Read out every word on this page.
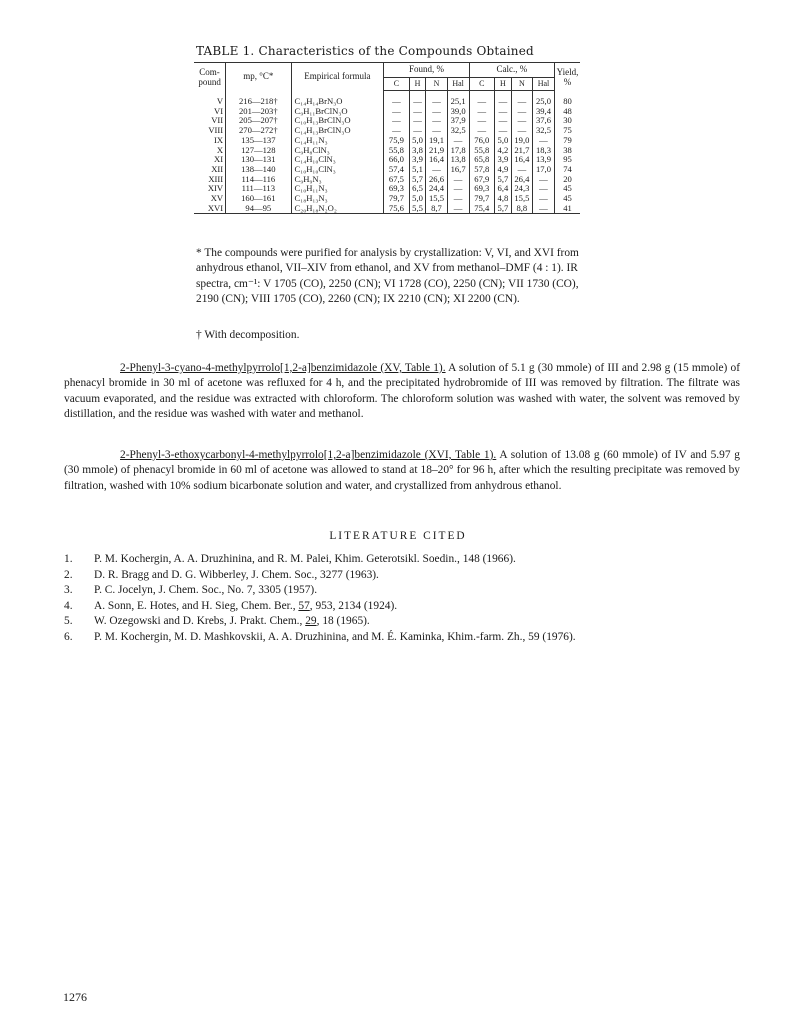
TABLE 1. Characteristics of the Compounds Obtained
Com-pound	mp, °C*	Empirical formula	Found, %				Calc., %				Yield, %
			C	H	N	Hal	C	H	N	Hal	

V	216—218†	C₁₄H₁₄BrN₃O	—	—	—	25,1	—	—	—	25,0	80
VI	201—203†	C₉H₁₁BrClN₃O	—	—	—	39,0	—	—	—	39,4	48
VII	205—207†	C₁₀H₁₃BrClN₃O	—	—	—	37,9	—	—	—	37,6	30
VIII	270—272†	C₁₄H₁₃BrClN₃O	—	—	—	32,5	—	—	—	32,5	75
IX	135—137	C₁₄H₁₁N₃	75,9	5,0	19,1	—	76,0	5,0	19,0	—	79
X	127—128	C₉H₈ClN₃	55,8	3,8	21,9	17,8	55,8	4,2	21,7	18,3	38
XI	130—131	C₁₄H₁₀ClN₃	66,0	3,9	16,4	13,8	65,8	3,9	16,4	13,9	95
XII	138—140	C₁₀H₁₀ClN₃	57,4	5,1	—	16,7	57,8	4,9	—	17,0	74
XIII	114—116	C₉H₉N₃	67,5	5,7	26,6	—	67,9	5,7	26,4	—	20
XIV	111—113	C₁₀H₁₁N₃	69,3	6,5	24,4	—	69,3	6,4	24,3	—	45
XV	160—161	C₁₈H₁₃N₃	79,7	5,0	15,5	—	79,7	4,8	15,5	—	45
XVI	94—95	C₂₀H₁₈N₂O₂	75,6	5,5	8,7	—	75,4	5,7	8,8	—	41
* The compounds were purified for analysis by crystallization: V, VI, and XVI from anhydrous ethanol, VII–XIV from ethanol, and XV from methanol–DMF (4 : 1). IR spectra, cm⁻¹: V 1705 (CO), 2250 (CN); VI 1728 (CO), 2250 (CN); VII 1730 (CO), 2190 (CN); VIII 1705 (CO), 2260 (CN); IX 2210 (CN); XI 2200 (CN).
† With decomposition.
2-Phenyl-3-cyano-4-methylpyrrolo[1,2-a]benzimidazole (XV, Table 1). A solution of 5.1 g (30 mmole) of III and 2.98 g (15 mmole) of phenacyl bromide in 30 ml of acetone was refluxed for 4 h, and the precipitated hydrobromide of III was removed by filtration. The filtrate was vacuum evaporated, and the residue was extracted with chloroform. The chloroform solution was washed with water, the solvent was removed by distillation, and the residue was washed with water and methanol.
2-Phenyl-3-ethoxycarbonyl-4-methylpyrrolo[1,2-a]benzimidazole (XVI, Table 1). A solution of 13.08 g (60 mmole) of IV and 5.97 g (30 mmole) of phenacyl bromide in 60 ml of acetone was allowed to stand at 18–20° for 96 h, after which the resulting precipitate was removed by filtration, washed with 10% sodium bicarbonate solution and water, and crystallized from anhydrous ethanol.
LITERATURE CITED
1. P. M. Kochergin, A. A. Druzhinina, and R. M. Palei, Khim. Geterotsikl. Soedin., 148 (1966).
2. D. R. Bragg and D. G. Wibberley, J. Chem. Soc., 3277 (1963).
3. P. C. Jocelyn, J. Chem. Soc., No. 7, 3305 (1957).
4. A. Sonn, E. Hotes, and H. Sieg, Chem. Ber., 57, 953, 2134 (1924).
5. W. Ozegowski and D. Krebs, J. Prakt. Chem., 29, 18 (1965).
6. P. M. Kochergin, M. D. Mashkovskii, A. A. Druzhinina, and M. É. Kaminka, Khim.-farm. Zh., 59 (1976).
1276
